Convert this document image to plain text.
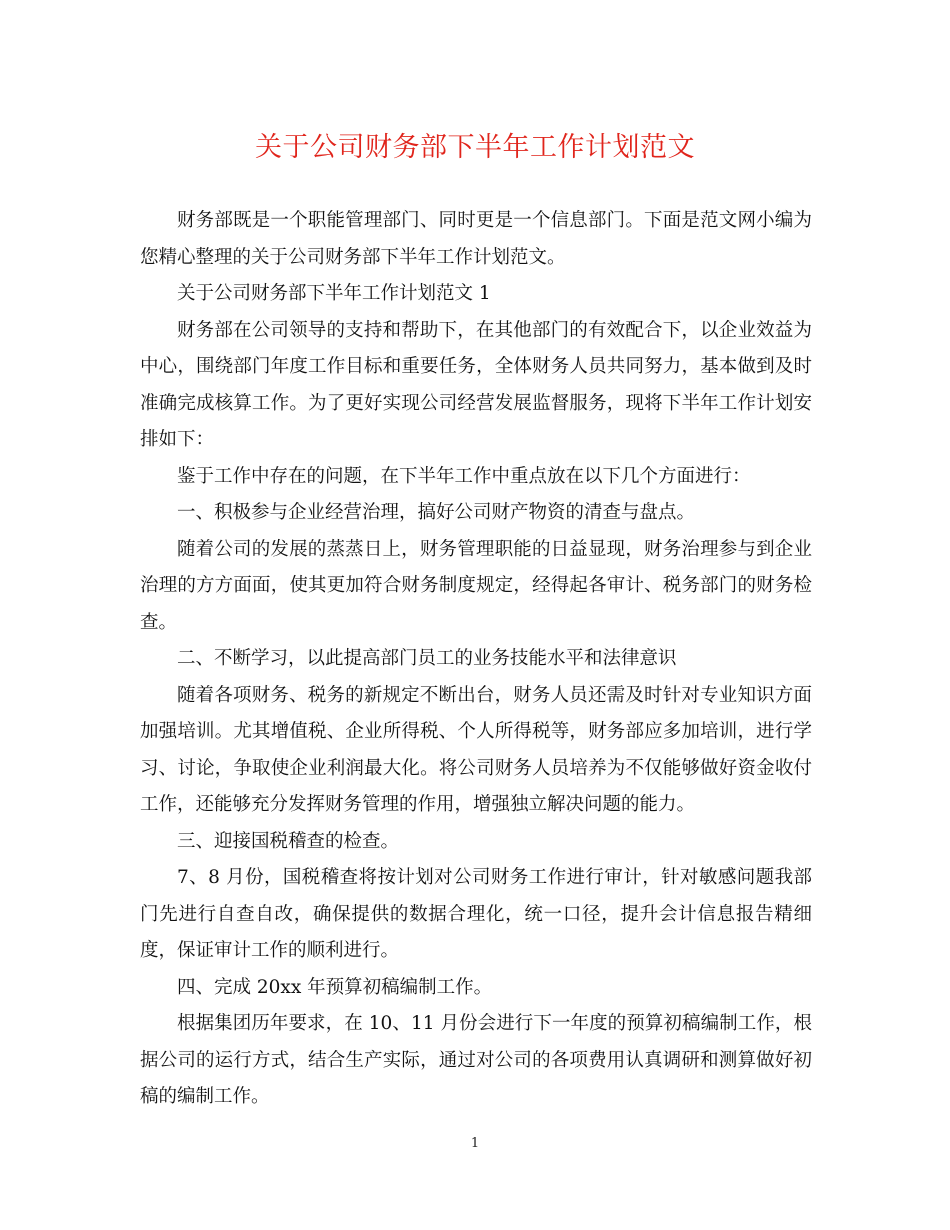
关于公司财务部下半年工作计划范文

财务部既是一个职能管理部门、同时更是一个信息部门。下面是范文网小编为您精心整理的关于公司财务部下半年工作计划范文。

关于公司财务部下半年工作计划范文 1

财务部在公司领导的支持和帮助下，在其他部门的有效配合下，以企业效益为中心，围绕部门年度工作目标和重要任务，全体财务人员共同努力，基本做到及时准确完成核算工作。为了更好实现公司经营发展监督服务，现将下半年工作计划安排如下：

鉴于工作中存在的问题，在下半年工作中重点放在以下几个方面进行：

一、积极参与企业经营治理，搞好公司财产物资的清查与盘点。

随着公司的发展的蒸蒸日上，财务管理职能的日益显现，财务治理参与到企业治理的方方面面，使其更加符合财务制度规定，经得起各审计、税务部门的财务检查。

二、不断学习，以此提高部门员工的业务技能水平和法律意识

随着各项财务、税务的新规定不断出台，财务人员还需及时针对专业知识方面加强培训。尤其增值税、企业所得税、个人所得税等，财务部应多加培训，进行学习、讨论，争取使企业利润最大化。将公司财务人员培养为不仅能够做好资金收付工作，还能够充分发挥财务管理的作用，增强独立解决问题的能力。

三、迎接国税稽查的检查。

7、8 月份，国税稽查将按计划对公司财务工作进行审计，针对敏感问题我部门先进行自查自改，确保提供的数据合理化，统一口径，提升会计信息报告精细度，保证审计工作的顺利进行。

四、完成 20xx 年预算初稿编制工作。

根据集团历年要求，在 10、11 月份会进行下一年度的预算初稿编制工作，根据公司的运行方式，结合生产实际，通过对公司的各项费用认真调研和测算做好初稿的编制工作。

1
